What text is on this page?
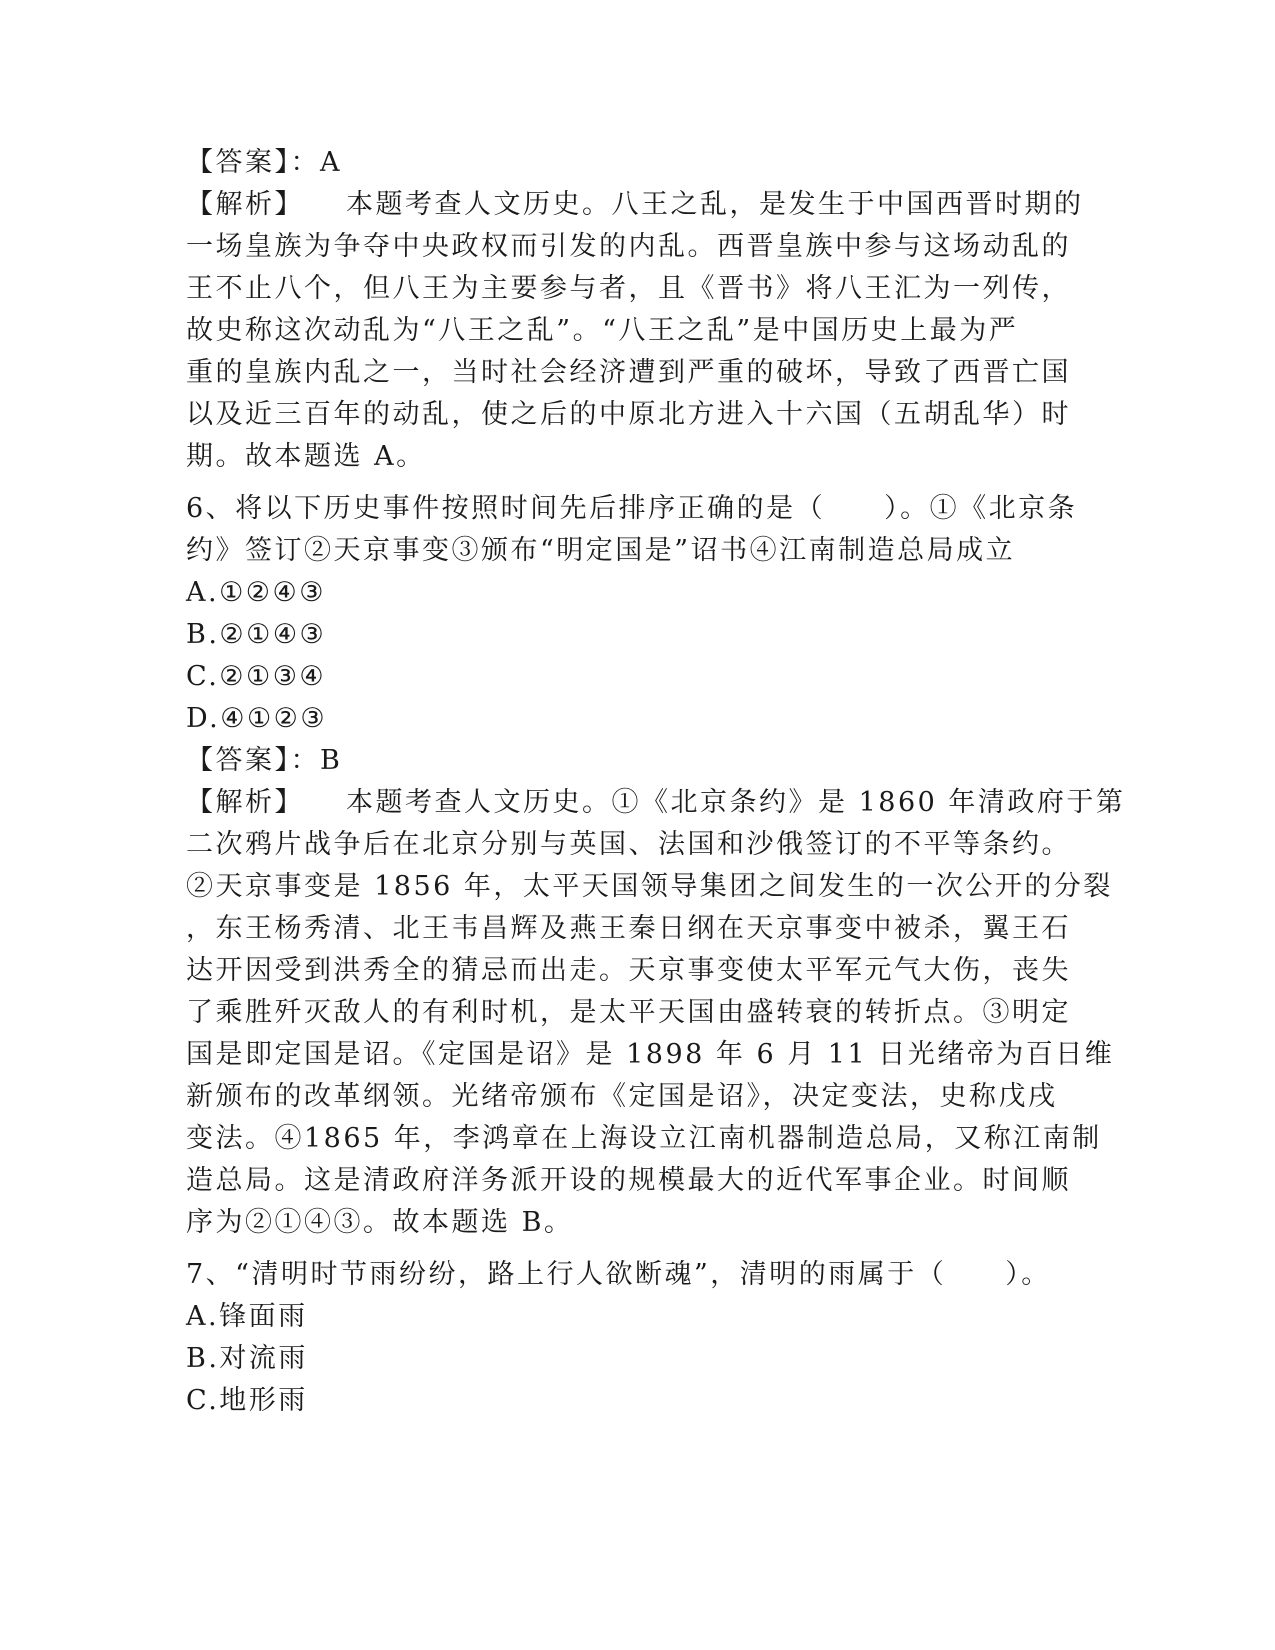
【答案】：A
【解析】 本题考查人文历史。八王之乱，是发生于中国西晋时期的
一场皇族为争夺中央政权而引发的内乱。西晋皇族中参与这场动乱的
王不止八个，但八王为主要参与者，且《晋书》将八王汇为一列传，
故史称这次动乱为“八王之乱”。“八王之乱”是中国历史上最为严
重的皇族内乱之一，当时社会经济遭到严重的破坏，导致了西晋亡国
以及近三百年的动乱，使之后的中原北方进入十六国（五胡乱华）时
期。故本题选 A。
6、将以下历史事件按照时间先后排序正确的是（　　）。①《北京条
约》签订②天京事变③颁布“明定国是”诏书④江南制造总局成立
A.①②④③
B.②①④③
C.②①③④
D.④①②③
【答案】：B
【解析】 本题考查人文历史。①《北京条约》是 1860 年清政府于第
二次鸦片战争后在北京分别与英国、法国和沙俄签订的不平等条约。
②天京事变是 1856 年，太平天国领导集团之间发生的一次公开的分裂
，东王杨秀清、北王韦昌辉及燕王秦日纲在天京事变中被杀，翼王石
达开因受到洪秀全的猜忌而出走。天京事变使太平军元气大伤，丧失
了乘胜歼灭敌人的有利时机，是太平天国由盛转衰的转折点。③明定
国是即定国是诏。《定国是诏》是 1898 年 6 月 11 日光绪帝为百日维
新颁布的改革纲领。光绪帝颁布《定国是诏》，决定变法，史称戊戌
变法。④1865 年，李鸿章在上海设立江南机器制造总局，又称江南制
造总局。这是清政府洋务派开设的规模最大的近代军事企业。时间顺
序为②①④③。故本题选 B。
7、“清明时节雨纷纷，路上行人欲断魂”，清明的雨属于（　　）。
A.锋面雨
B.对流雨
C.地形雨
